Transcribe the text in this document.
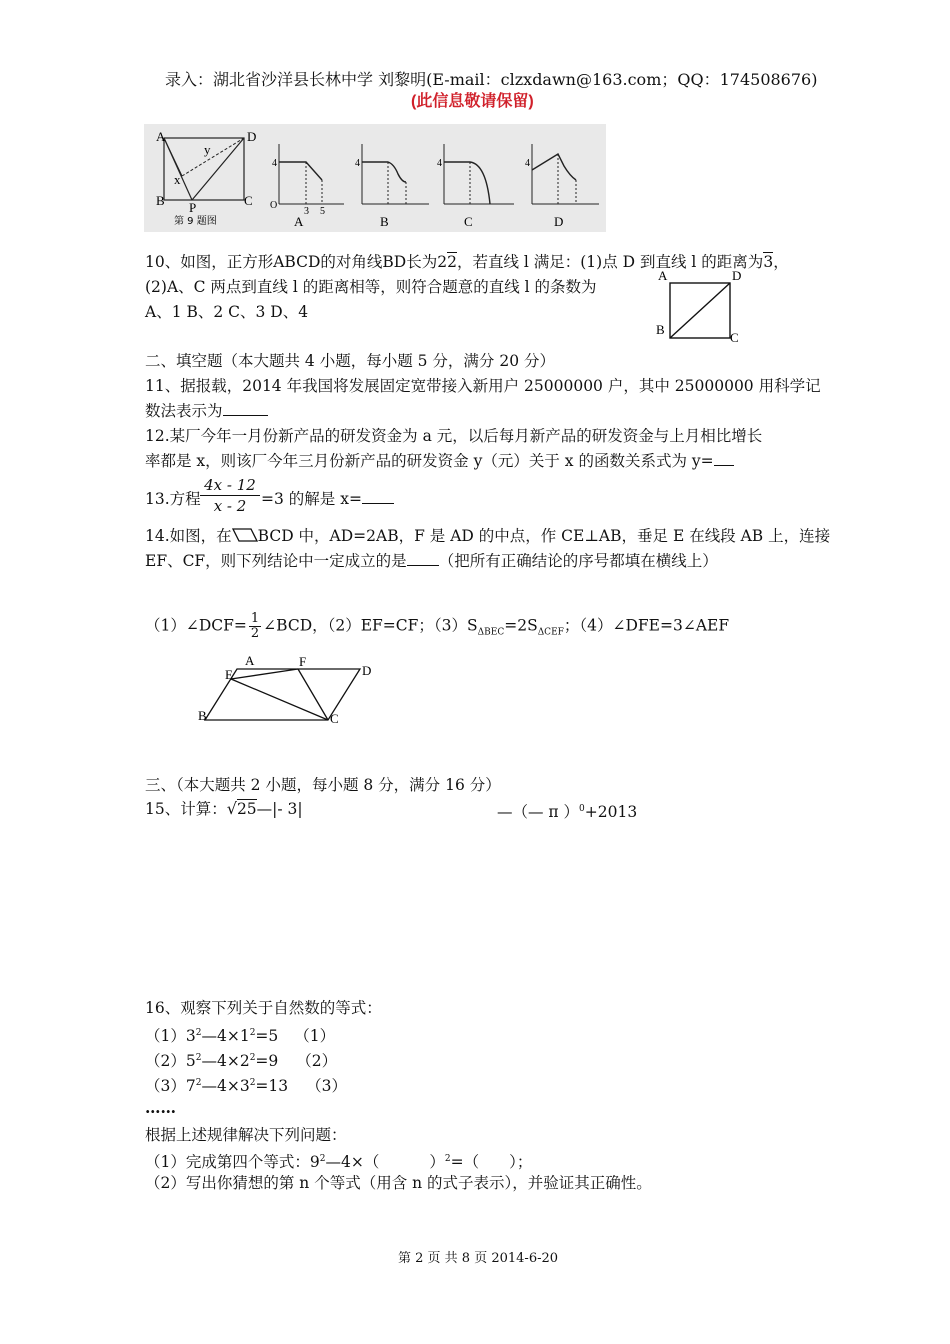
录入：湖北省沙洋县长林中学 刘黎明(E-mail：clzxdawn@163.com；QQ：174508676)
(此信息敬请保留)
A	D
B P	C
x
y
第 9 题图
4
O
3 5
A
4
B
4
C
4
D
10、如图，正方形ABCD的对角线BD长为22，若直线 l 满足：(1)点 D 到直线 l 的距离为3，
(2)A、C 两点到直线 l 的距离相等，则符合题意的直线 l 的条数为
A、1 B、2 C、3 D、4
A	D
B
C
二、填空题（本大题共 4 小题，每小题 5 分，满分 20 分）
11、据报载，2014 年我国将发展固定宽带接入新用户 25000000 户，其中 25000000 用科学记
数法表示为
12.某厂今年一月份新产品的研发资金为 a 元，以后每月新产品的研发资金与上月相比增长
率都是 x，则该厂今年三月份新产品的研发资金 y（元）关于 x 的函数关系式为 y=
13.方程
4x - 12
x - 2 =3 的解是 x=
14.如图，在 BCD 中，AD=2AB，F 是 AD 的中点，作 CE⊥AB，垂足 E 在线段 AB 上，连接
EF、CF，则下列结论中一定成立的是 （把所有正确结论的序号都填在横线上）
（1）∠DCF= $\frac{1}{2}$ ∠BCD，（2）EF=CF；$(3)S_{\Delta BEC}=2S_{\Delta CEF}$；（4）∠DFE=3∠AEF
A	F
D
E
B	C
三、（本大题共 2 小题，每小题 8 分，满分 16 分）
15、计算：√25—|- 3|	—（— π ）$^0$+2013
16、观察下列关于自然数的等式：
$(1)3^2—4\times 1^2=5$ （1）
$(2)5^2—4\times 2^2=9$ （2）
$(3)7^2—4\times 3^2=13$ （3）
……
根据上述规律解决下列问题：
（1）完成第四个等式：$9^2—4\times$（	）$^2$=（ ）；
（2）写出你猜想的第 n 个等式（用含 n 的式子表示），并验证其正确性。
第 2 页 共 8 页 2014-6-20
